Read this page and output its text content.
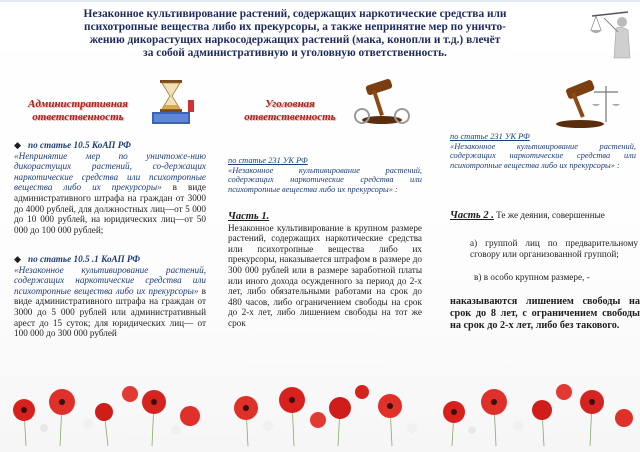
Незаконное культивирование растений, содержащих наркотические средства или
психотропные вещества либо их прекурсоры, а также непринятие мер по уничто-
жению дикорастущих наркосодержащих растений (мака, конопли и т.д.) влечёт
за собой административную и уголовную ответственность.
Административная ответственность
◆   по статье 10.5 КоАП РФ
«Непринятие мер по уничтоже-нию дикорастущих растений, со-держащих наркотические средства или психотропные вещества либо их прекурсоры» в виде административного штрафа на граждан от 3000 до 4000 рублей, для должностных лиц—от 5 000 до 10 000 рублей, на юридических лиц—от 50 000 до 100 000 рублей;
◆   по статье 10.5 .1 КоАП РФ
«Незаконное культивирование растений, содержащих наркотические средства или психотропные вещества либо их прекурсоры» в виде административного штрафа на граждан от 3000 до 5 000 рублей или административный арест до 15 суток; для юридических лиц— от 100 000 до 300 000 рублей
Уголовная ответственность
по статье 231 УК РФ
«Незаконное культивирование растений, содержащих наркотические средства или психотропные вещества либо их прекурсоры» :
Часть 1.
Незаконное культивирование в крупном размере растений, содержащих наркотические средства или психотропные вещества либо их прекурсоры, наказывается штрафом в размере до 300 000 рублей или в размере заработной платы или иного дохода осужденного за период до 2-х лет, либо обязательными работами на срок до 480 часов, либо ограничением свободы на срок до 2-х лет, либо лишением свободы на тот же срок
по статье 231 УК РФ
«Незаконное культивирование растений, содержащих наркотические средства или психотропные вещества либо их прекурсоры» :
Часть 2 . Те же деяния, совершенные
а) группой лиц по предварительному сговору или организованной группой;
в) в особо крупном размере, -
наказываются лишением свободы на срок до 8 лет, с ограничением свободы на срок до 2-х лет, либо без такового.
